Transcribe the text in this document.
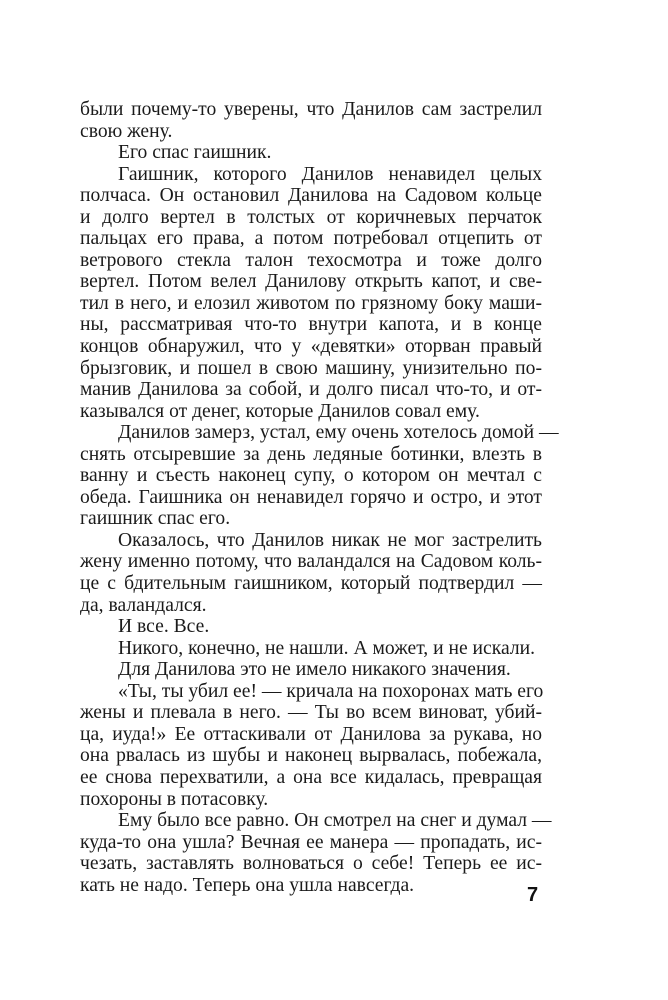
были почему-то уверены, что Данилов сам застрелил
свою жену.
Его спас гаишник.
Гаишник, которого Данилов ненавидел целых
полчаса. Он остановил Данилова на Садовом кольце
и долго вертел в толстых от коричневых перчаток
пальцах его права, а потом потребовал отцепить от
ветрового стекла талон техосмотра и тоже долго
вертел. Потом велел Данилову открыть капот, и све-
тил в него, и елозил животом по грязному боку маши-
ны, рассматривая что-то внутри капота, и в конце
концов обнаружил, что у «девятки» оторван правый
брызговик, и пошел в свою машину, унизительно по-
манив Данилова за собой, и долго писал что-то, и от-
казывался от денег, которые Данилов совал ему.
Данилов замерз, устал, ему очень хотелось домой —
снять отсыревшие за день ледяные ботинки, влезть в
ванну и съесть наконец супу, о котором он мечтал с
обеда. Гаишника он ненавидел горячо и остро, и этот
гаишник спас его.
Оказалось, что Данилов никак не мог застрелить
жену именно потому, что валандался на Садовом коль-
це с бдительным гаишником, который подтвердил —
да, валандался.
И все. Все.
Никого, конечно, не нашли. А может, и не искали.
Для Данилова это не имело никакого значения.
«Ты, ты убил ее! — кричала на похоронах мать его
жены и плевала в него. — Ты во всем виноват, убий-
ца, иуда!» Ее оттаскивали от Данилова за рукава, но
она рвалась из шубы и наконец вырвалась, побежала,
ее снова перехватили, а она все кидалась, превращая
похороны в потасовку.
Ему было все равно. Он смотрел на снег и думал —
куда-то она ушла? Вечная ее манера — пропадать, ис-
чезать, заставлять волноваться о себе! Теперь ее ис-
кать не надо. Теперь она ушла навсегда.	7
